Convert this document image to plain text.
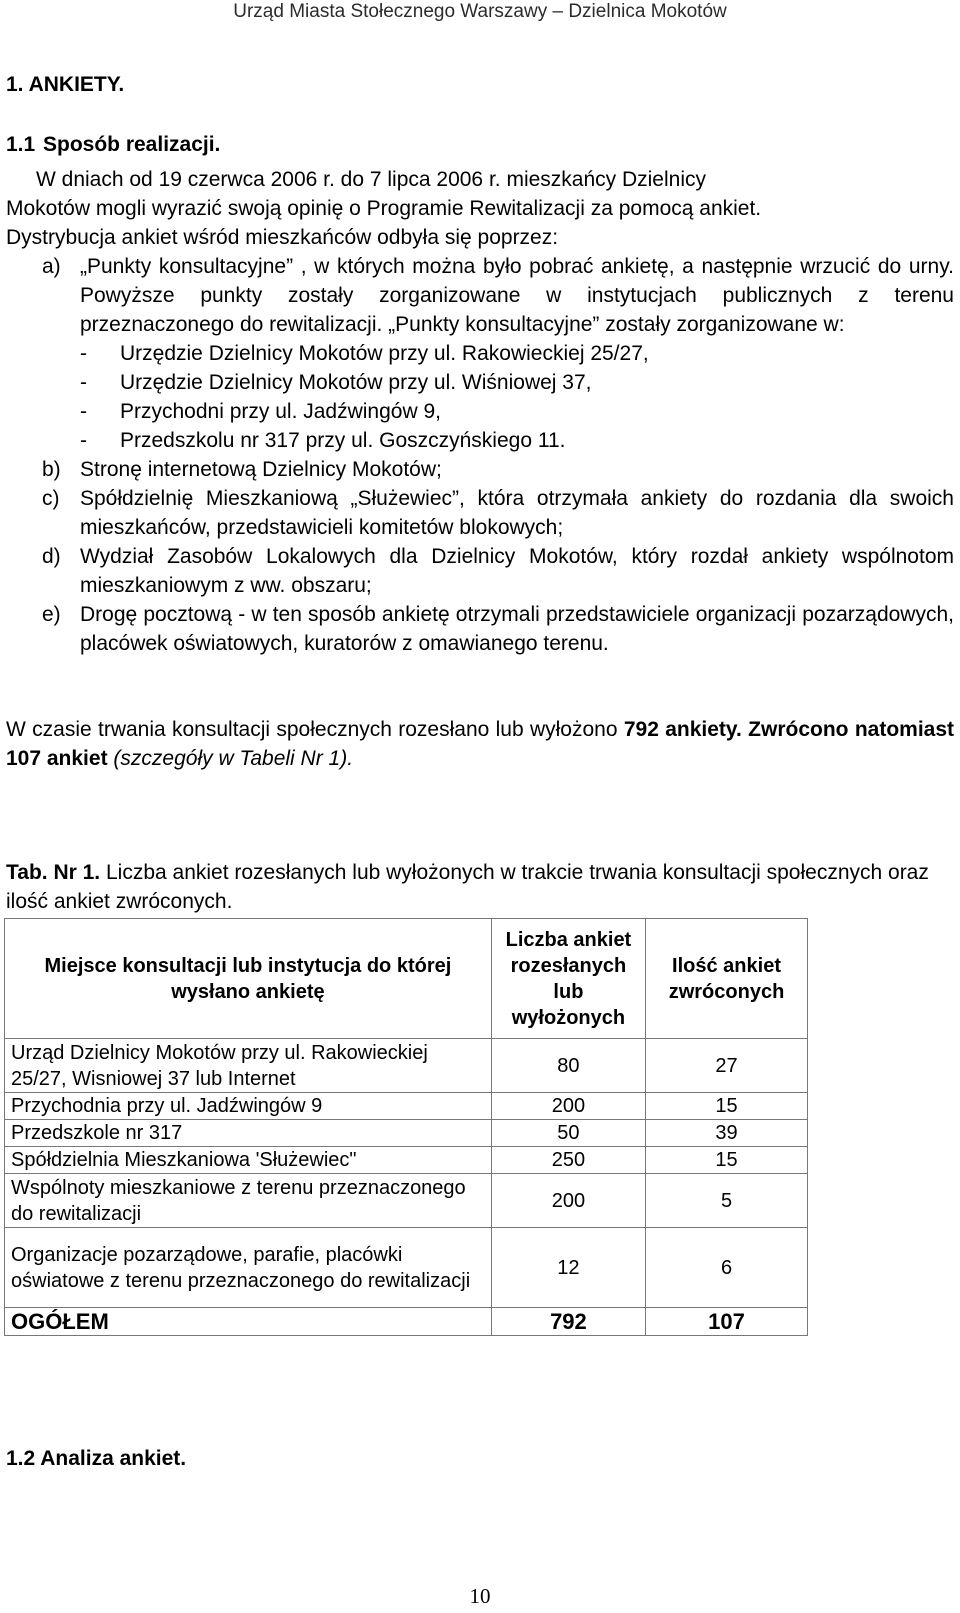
Urząd Miasta Stołecznego Warszawy – Dzielnica Mokotów
1. ANKIETY.
1.1 Sposób realizacji.
W dniach od 19 czerwca 2006 r. do 7 lipca 2006 r. mieszkańcy Dzielnicy
Mokotów mogli wyrazić swoją opinię o Programie Rewitalizacji za pomocą ankiet.
Dystrybucja ankiet wśród mieszkańców odbyła się poprzez:
a) „Punkty konsultacyjne” , w których można było pobrać ankietę, a następnie wrzucić do urny. Powyższe punkty zostały zorganizowane w instytucjach publicznych z terenu przeznaczonego do rewitalizacji. „Punkty konsultacyjne” zostały zorganizowane w:
- Urzędzie Dzielnicy Mokotów przy ul. Rakowieckiej 25/27,
- Urzędzie Dzielnicy Mokotów przy ul. Wiśniowej 37,
- Przychodni przy ul. Jadźwingów 9,
- Przedszkolu nr 317 przy ul. Goszczyńskiego 11.
b) Stronę internetową Dzielnicy Mokotów;
c) Spółdzielnię Mieszkaniową „Służewiec”, która otrzymała ankiety do rozdania dla swoich mieszkańców, przedstawicieli komitetów blokowych;
d) Wydział Zasobów Lokalowych dla Dzielnicy Mokotów, który rozdał ankiety wspólnotom mieszkaniowym z ww. obszaru;
e) Drogę pocztową - w ten sposób ankietę otrzymali przedstawiciele organizacji pozarządowych, placówek oświatowych, kuratorów z omawianego terenu.
W czasie trwania konsultacji społecznych rozesłano lub wyłożono 792 ankiety. Zwrócono natomiast 107 ankiet (szczegóły w Tabeli Nr 1).
Tab. Nr 1. Liczba ankiet rozesłanych lub wyłożonych w trakcie trwania konsultacji społecznych oraz ilość ankiet zwróconych.
Miejsce konsultacji lub instytucja do której wysłano ankietę	Liczba ankiet rozesłanych lub wyłożonych	Ilość ankiet zwróconych
Urząd Dzielnicy Mokotów przy ul. Rakowieckiej 25/27, Wisniowej 37 lub Internet	80	27
Przychodnia przy ul. Jadźwingów 9	200	15
Przedszkole nr 317	50	39
Spółdzielnia Mieszkaniowa 'Służewiec"	250	15
Wspólnoty mieszkaniowe z terenu przeznaczonego do rewitalizacji	200	5
Organizacje pozarządowe, parafie, placówki oświatowe z terenu przeznaczonego do rewitalizacji	12	6
OGÓŁEM	792	107
1.2 Analiza ankiet.
10
